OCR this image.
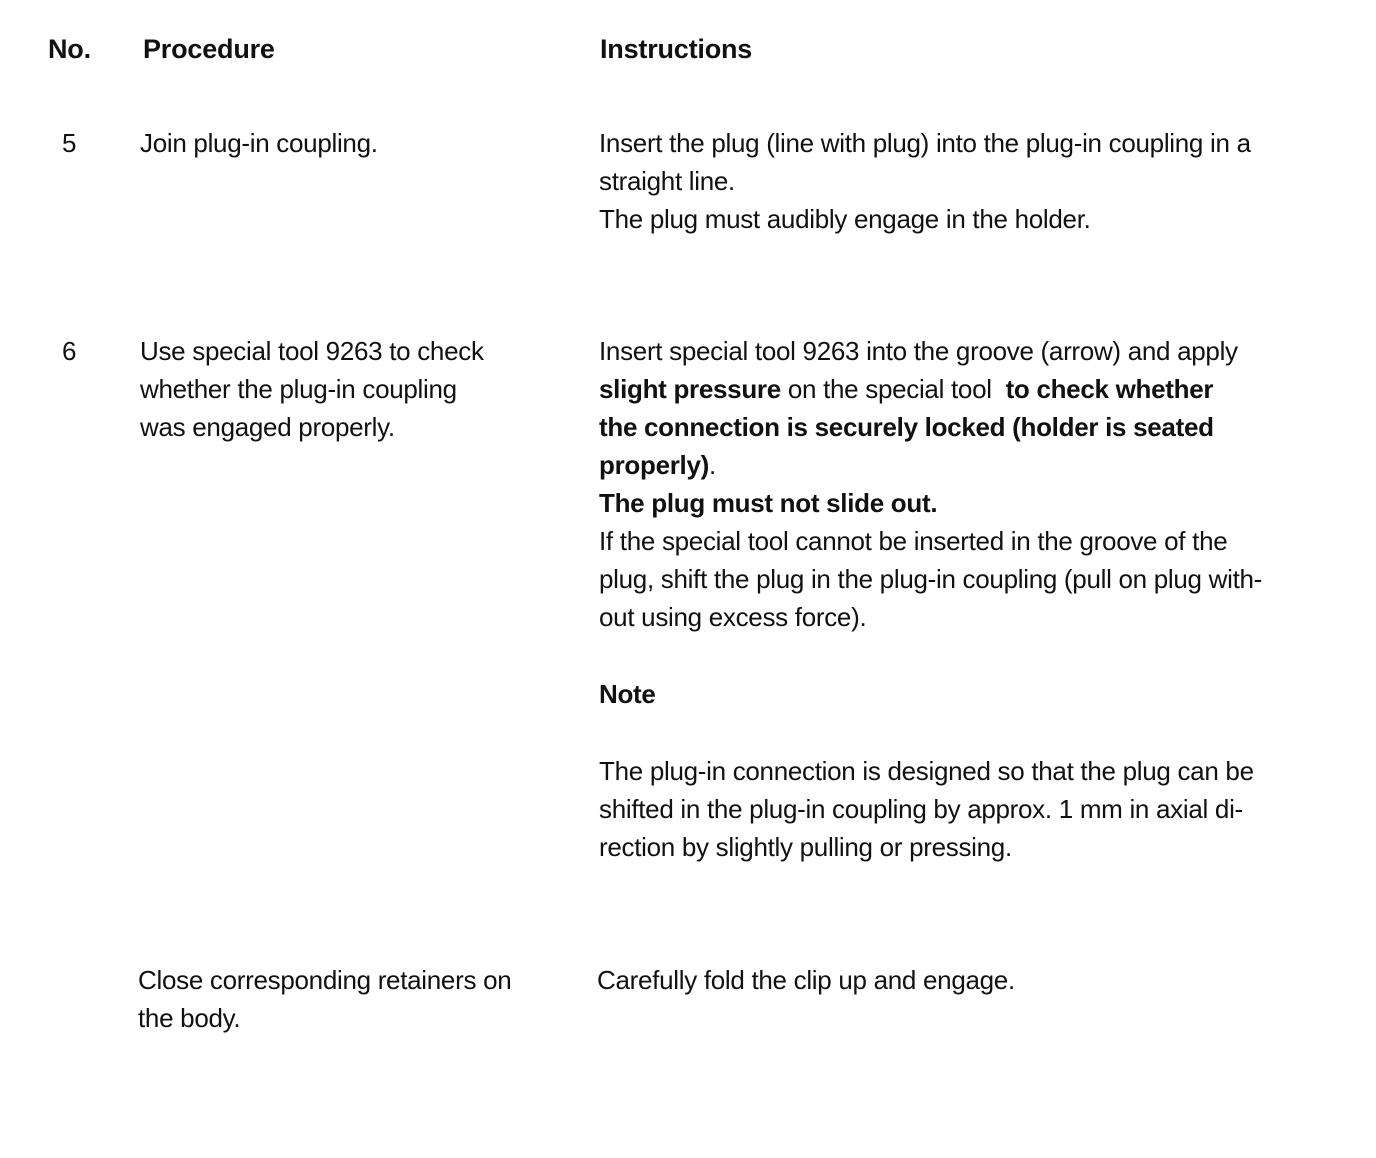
No. Procedure	Instructions
5 Join plug-in coupling.	Insert the plug (line with plug) into the plug-in coupling in a
straight line.
The plug must audibly engage in the holder.
6 Use special tool 9263 to check
whether the plug-in coupling
was engaged properly.
Insert special tool 9263 into the groove (arrow) and apply
slight pressure on the special tool  to check whether
the connection is securely locked (holder is seated
properly).
The plug must not slide out.
If the special tool cannot be inserted in the groove of the
plug, shift the plug in the plug-in coupling (pull on plug with-
out using excess force).
Note
The plug-in connection is designed so that the plug can be
shifted in the plug-in coupling by approx. 1 mm in axial di-
rection by slightly pulling or pressing.
Close corresponding retainers on
the body.
Carefully fold the clip up and engage.
